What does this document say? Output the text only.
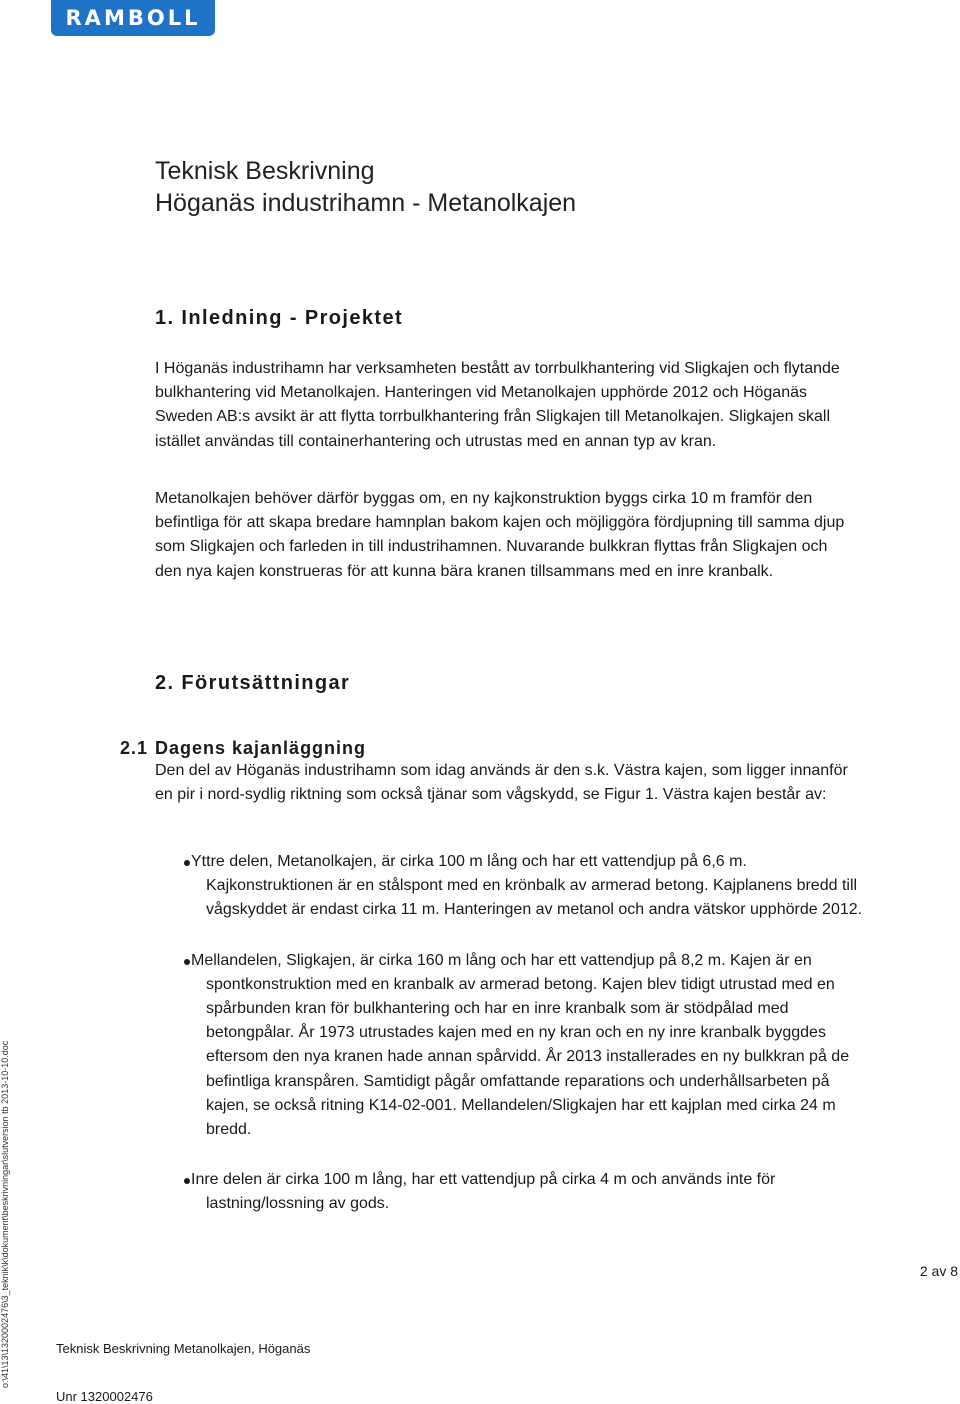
RAMBOLL
Teknisk Beskrivning
Höganäs industrihamn - Metanolkajen
1. Inledning - Projektet

I Höganäs industrihamn har verksamheten bestått av torrbulkhantering vid Sligkajen och flytande bulkhantering vid Metanolkajen. Hanteringen vid Metanolkajen upphörde 2012 och Höganäs Sweden AB:s avsikt är att flytta torrbulkhantering från Sligkajen till Metanolkajen. Sligkajen skall istället användas till containerhantering och utrustas med en annan typ av kran.

Metanolkajen behöver därför byggas om, en ny kajkonstruktion byggs cirka 10 m framför den befintliga för att skapa bredare hamnplan bakom kajen och möjliggöra fördjupning till samma djup som Sligkajen och farleden in till industrihamnen. Nuvarande bulkkran flyttas från Sligkajen och den nya kajen konstrueras för att kunna bära kranen tillsammans med en inre kranbalk.

2. Förutsättningar
2.1 Dagens kajanläggning

Den del av Höganäs industrihamn som idag används är den s.k. Västra kajen, som ligger innanför en pir i nord-sydlig riktning som också tjänar som vågskydd, se Figur 1. Västra kajen består av:

Yttre delen, Metanolkajen, är cirka 100 m lång och har ett vattendjup på 6,6 m. Kajkonstruktionen är en stålspont med en krönbalk av armerad betong. Kajplanens bredd till vågskyddet är endast cirka 11 m. Hanteringen av metanol och andra vätskor upphörde 2012.
Mellandelen, Sligkajen, är cirka 160 m lång och har ett vattendjup på 8,2 m. Kajen är en spontkonstruktion med en kranbalk av armerad betong. Kajen blev tidigt utrustad med en spårbunden kran för bulkhantering och har en inre kranbalk som är stödpålad med betongpålar. År 1973 utrustades kajen med en ny kran och en ny inre kranbalk byggdes eftersom den nya kranen hade annan spårvidd. År 2013 installerades en ny bulkkran på de befintliga kranspåren. Samtidigt pågår omfattande reparations och underhållsarbeten på kajen, se också ritning K14-02-001. Mellandelen/Sligkajen har ett kajplan med cirka 24 m bredd.
Inre delen är cirka 100 m lång, har ett vattendjup på cirka 4 m och används inte för lastning/lossning av gods.
2 av 8
Teknisk Beskrivning Metanolkajen, Höganäs
Unr 1320002476
o:\41\13\1320002476\3_teknik\k\dokument\beskrivningar\slutversion tb 2013-10-10.doc
